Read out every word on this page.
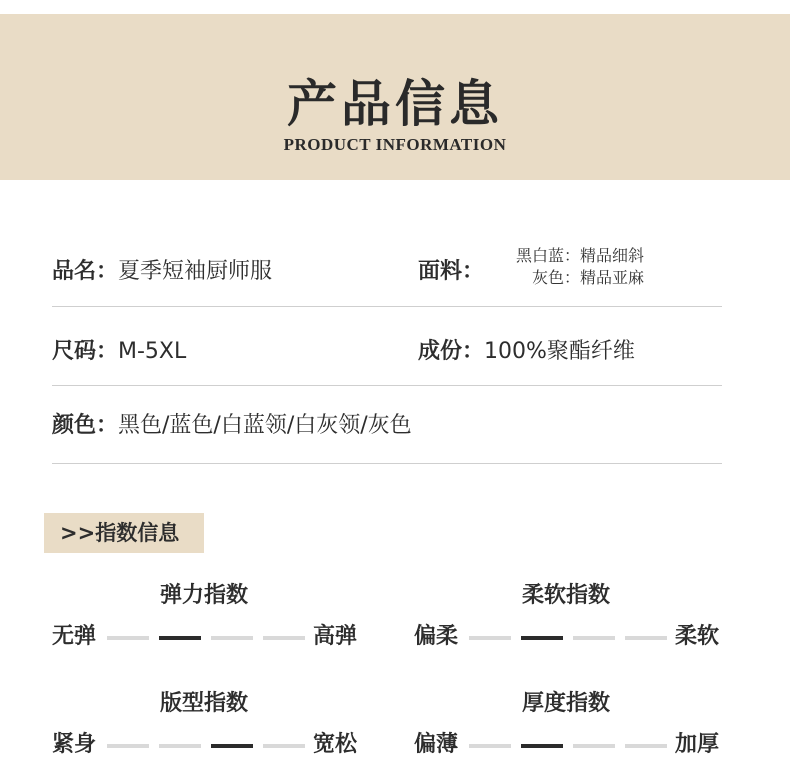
产品信息
PRODUCT INFORMATION
品名：夏季短袖厨师服	面料：
黑白蓝：精品细斜
灰色：精品亚麻
尺码：M-5XL	成份：100%聚酯纤维
颜色：黑色/蓝色/白蓝领/白灰领/灰色
>>指数信息
弹力指数
无弹	高弹
柔软指数
偏柔	柔软
版型指数
紧身	宽松
厚度指数
偏薄	加厚
